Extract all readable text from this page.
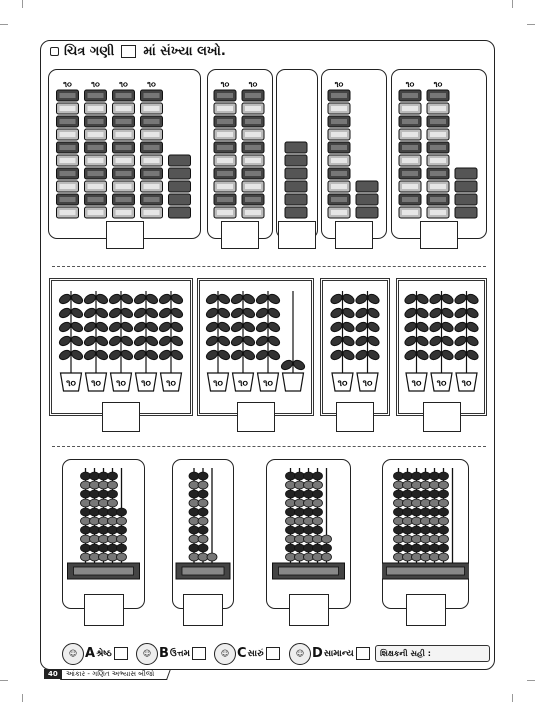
ચિત્ર ગણી માં સંખ્યા લખો.
૧૦ ૧૦ ૧૦ ૧૦	૧૦ ૧૦	૧૦	૧૦ ૧૦
૧૦ ૧૦ ૧૦ ૧૦ ૧૦	૧૦ ૧૦ ૧૦	૧૦ ૧૦	૧૦ ૧૦ ૧૦
☺ A શ્રેષ્ઠ	☺ B ઉત્તમ	☺ C સારું	☺ D સામાન્ય	શિક્ષકની સહી :
40	આંકાર - ગણિત અભ્યાસ બીજો
